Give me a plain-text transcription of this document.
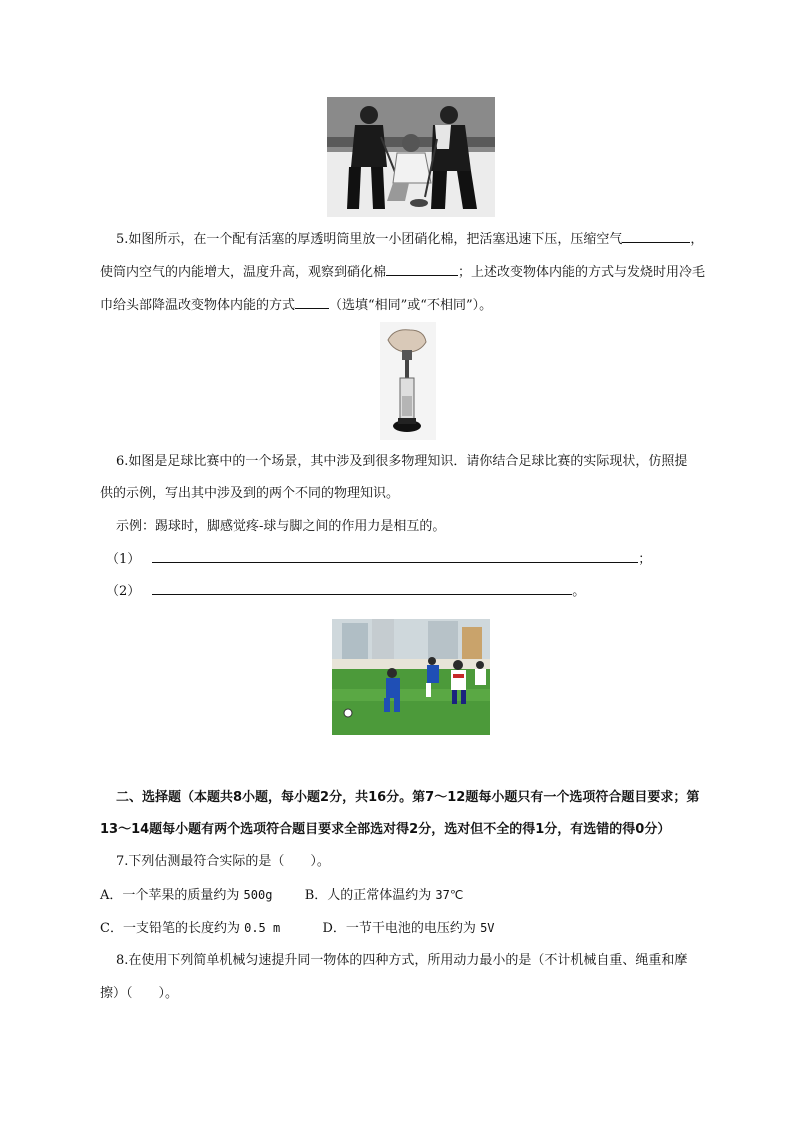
5.如图所示，在一个配有活塞的厚透明筒里放一小团硝化棉，把活塞迅速下压，压缩空气	，
使筒内空气的内能增大，温度升高，观察到硝化棉	；上述改变物体内能的方式与发烧时用冷毛
巾给头部降温改变物体内能的方式	（选填“相同”或“不相同”）。
6.如图是足球比赛中的一个场景，其中涉及到很多物理知识．请你结合足球比赛的实际现状，仿照提
供的示例，写出其中涉及到的两个不同的物理知识。
示例：踢球时，脚感觉疼-球与脚之间的作用力是相互的。
（1）	；
（2）	。
二、选择题（本题共8小题，每小题2分，共16分。第7～12题每小题只有一个选项符合题目要求；第
13～14题每小题有两个选项符合题目要求全部选对得2分，选对但不全的得1分，有选错的得0分）
7.下列估测最符合实际的是（　　）。
A．一个苹果的质量约为 500g B．人的正常体温约为 37℃
C．一支铅笔的长度约为 0.5 m	D．一节干电池的电压约为 5V
8.在使用下列简单机械匀速提升同一物体的四种方式，所用动力最小的是（不计机械自重、绳重和摩
擦）（　　）。
